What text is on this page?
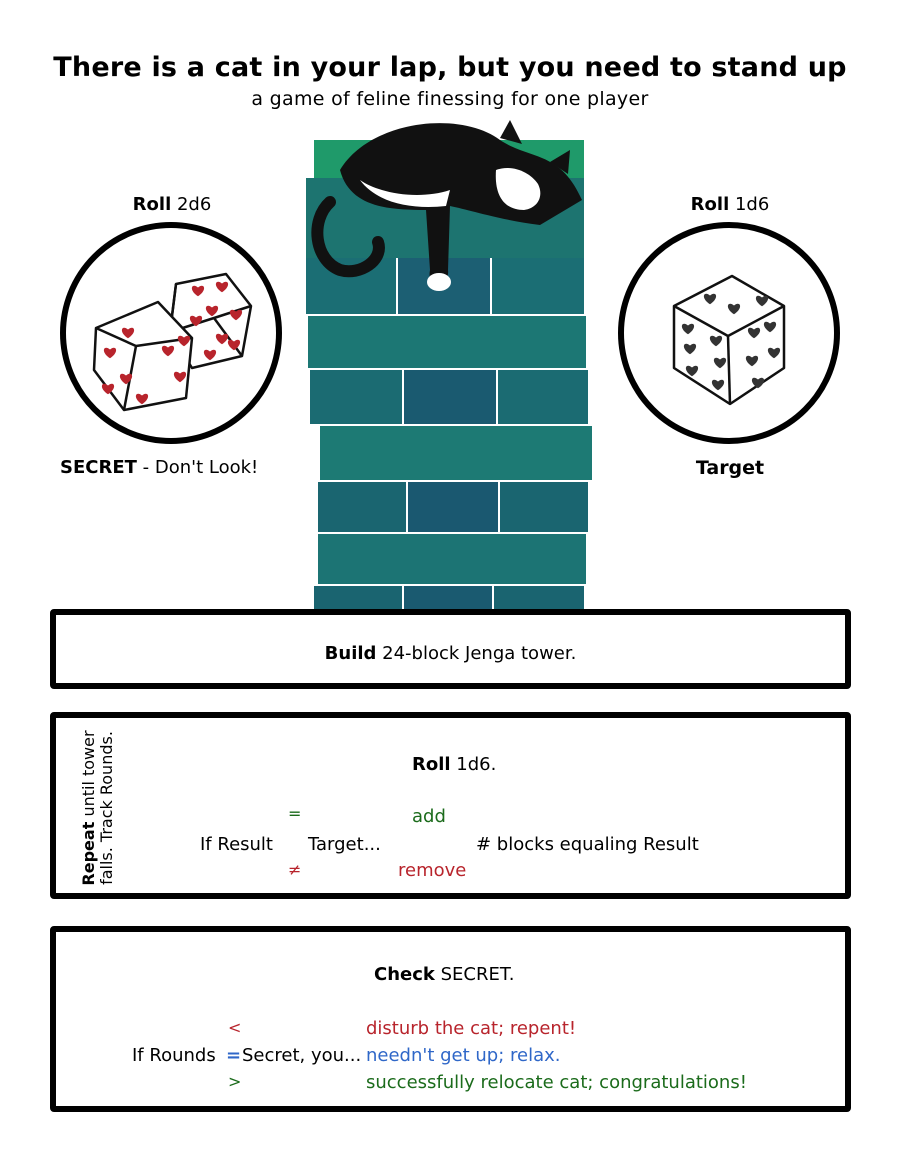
There is a cat in your lap, but you need to stand up
a game of feline finessing for one player
Roll 2d6
SECRET - Don't Look!
Roll 1d6
Target
Build 24-block Jenga tower.
Repeat until tower falls. Track Rounds.	Roll 1d6.
=	add
If Result Target...	# blocks equaling Result
≠	remove
Check SECRET.
<	disturb the cat; repent!
If Rounds = Secret, you... needn't get up; relax.
>	successfully relocate cat; congratulations!
